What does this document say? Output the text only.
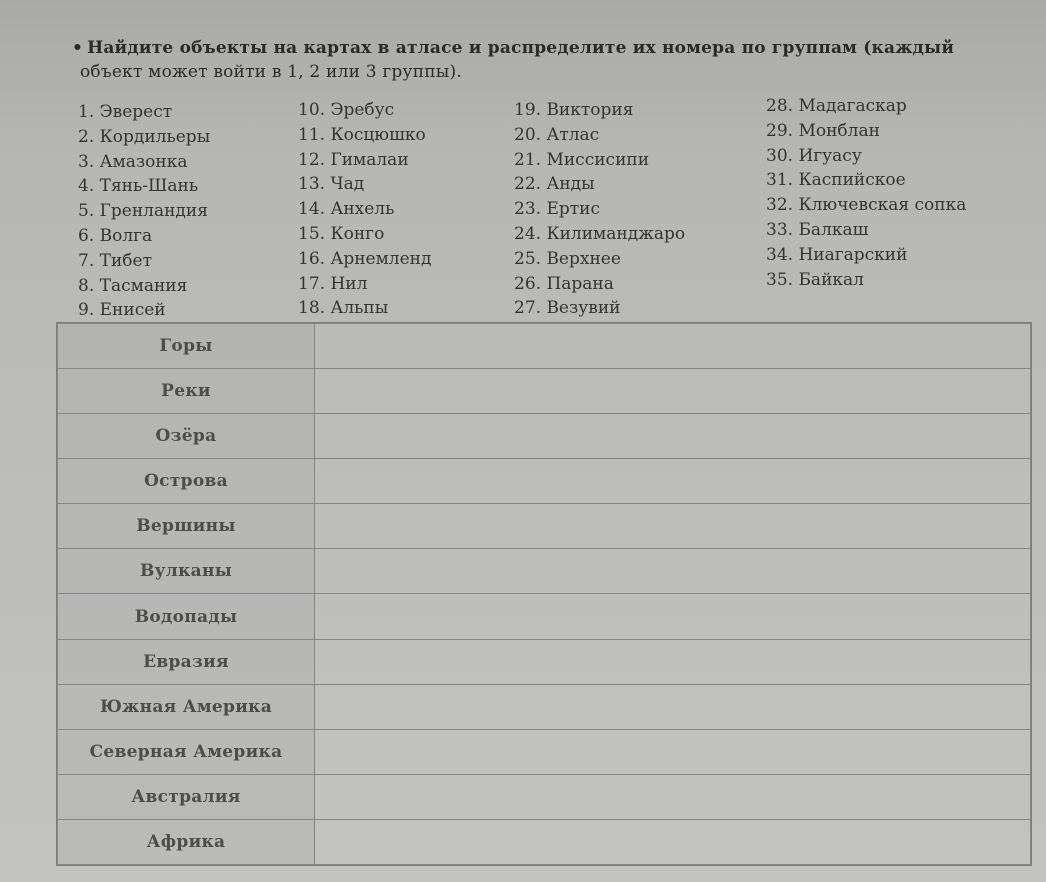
• Найдите объекты на картах в атласе и распределите их номера по группам (каждый
объект может войти в 1, 2 или 3 группы).
1. Эверест
2. Кордильеры
3. Амазонка
4. Тянь-Шань
5. Гренландия
6. Волга
7. Тибет
8. Тасмания
9. Енисей
10. Эребус
11. Косцюшко
12. Гималаи
13. Чад
14. Анхель
15. Конго
16. Арнемленд
17. Нил
18. Альпы
19. Виктория
20. Атлас
21. Миссисипи
22. Анды
23. Ертис
24. Килиманджаро
25. Верхнее
26. Парана
27. Везувий
28. Мадагаскар
29. Монблан
30. Игуасу
31. Каспийское
32. Ключевская сопка
33. Балкаш
34. Ниагарский
35. Байкал
Горы	
Реки	
Озёра	
Острова	
Вершины	
Вулканы	
Водопады	
Евразия	
Южная Америка	
Северная Америка	
Австралия	
Африка	
